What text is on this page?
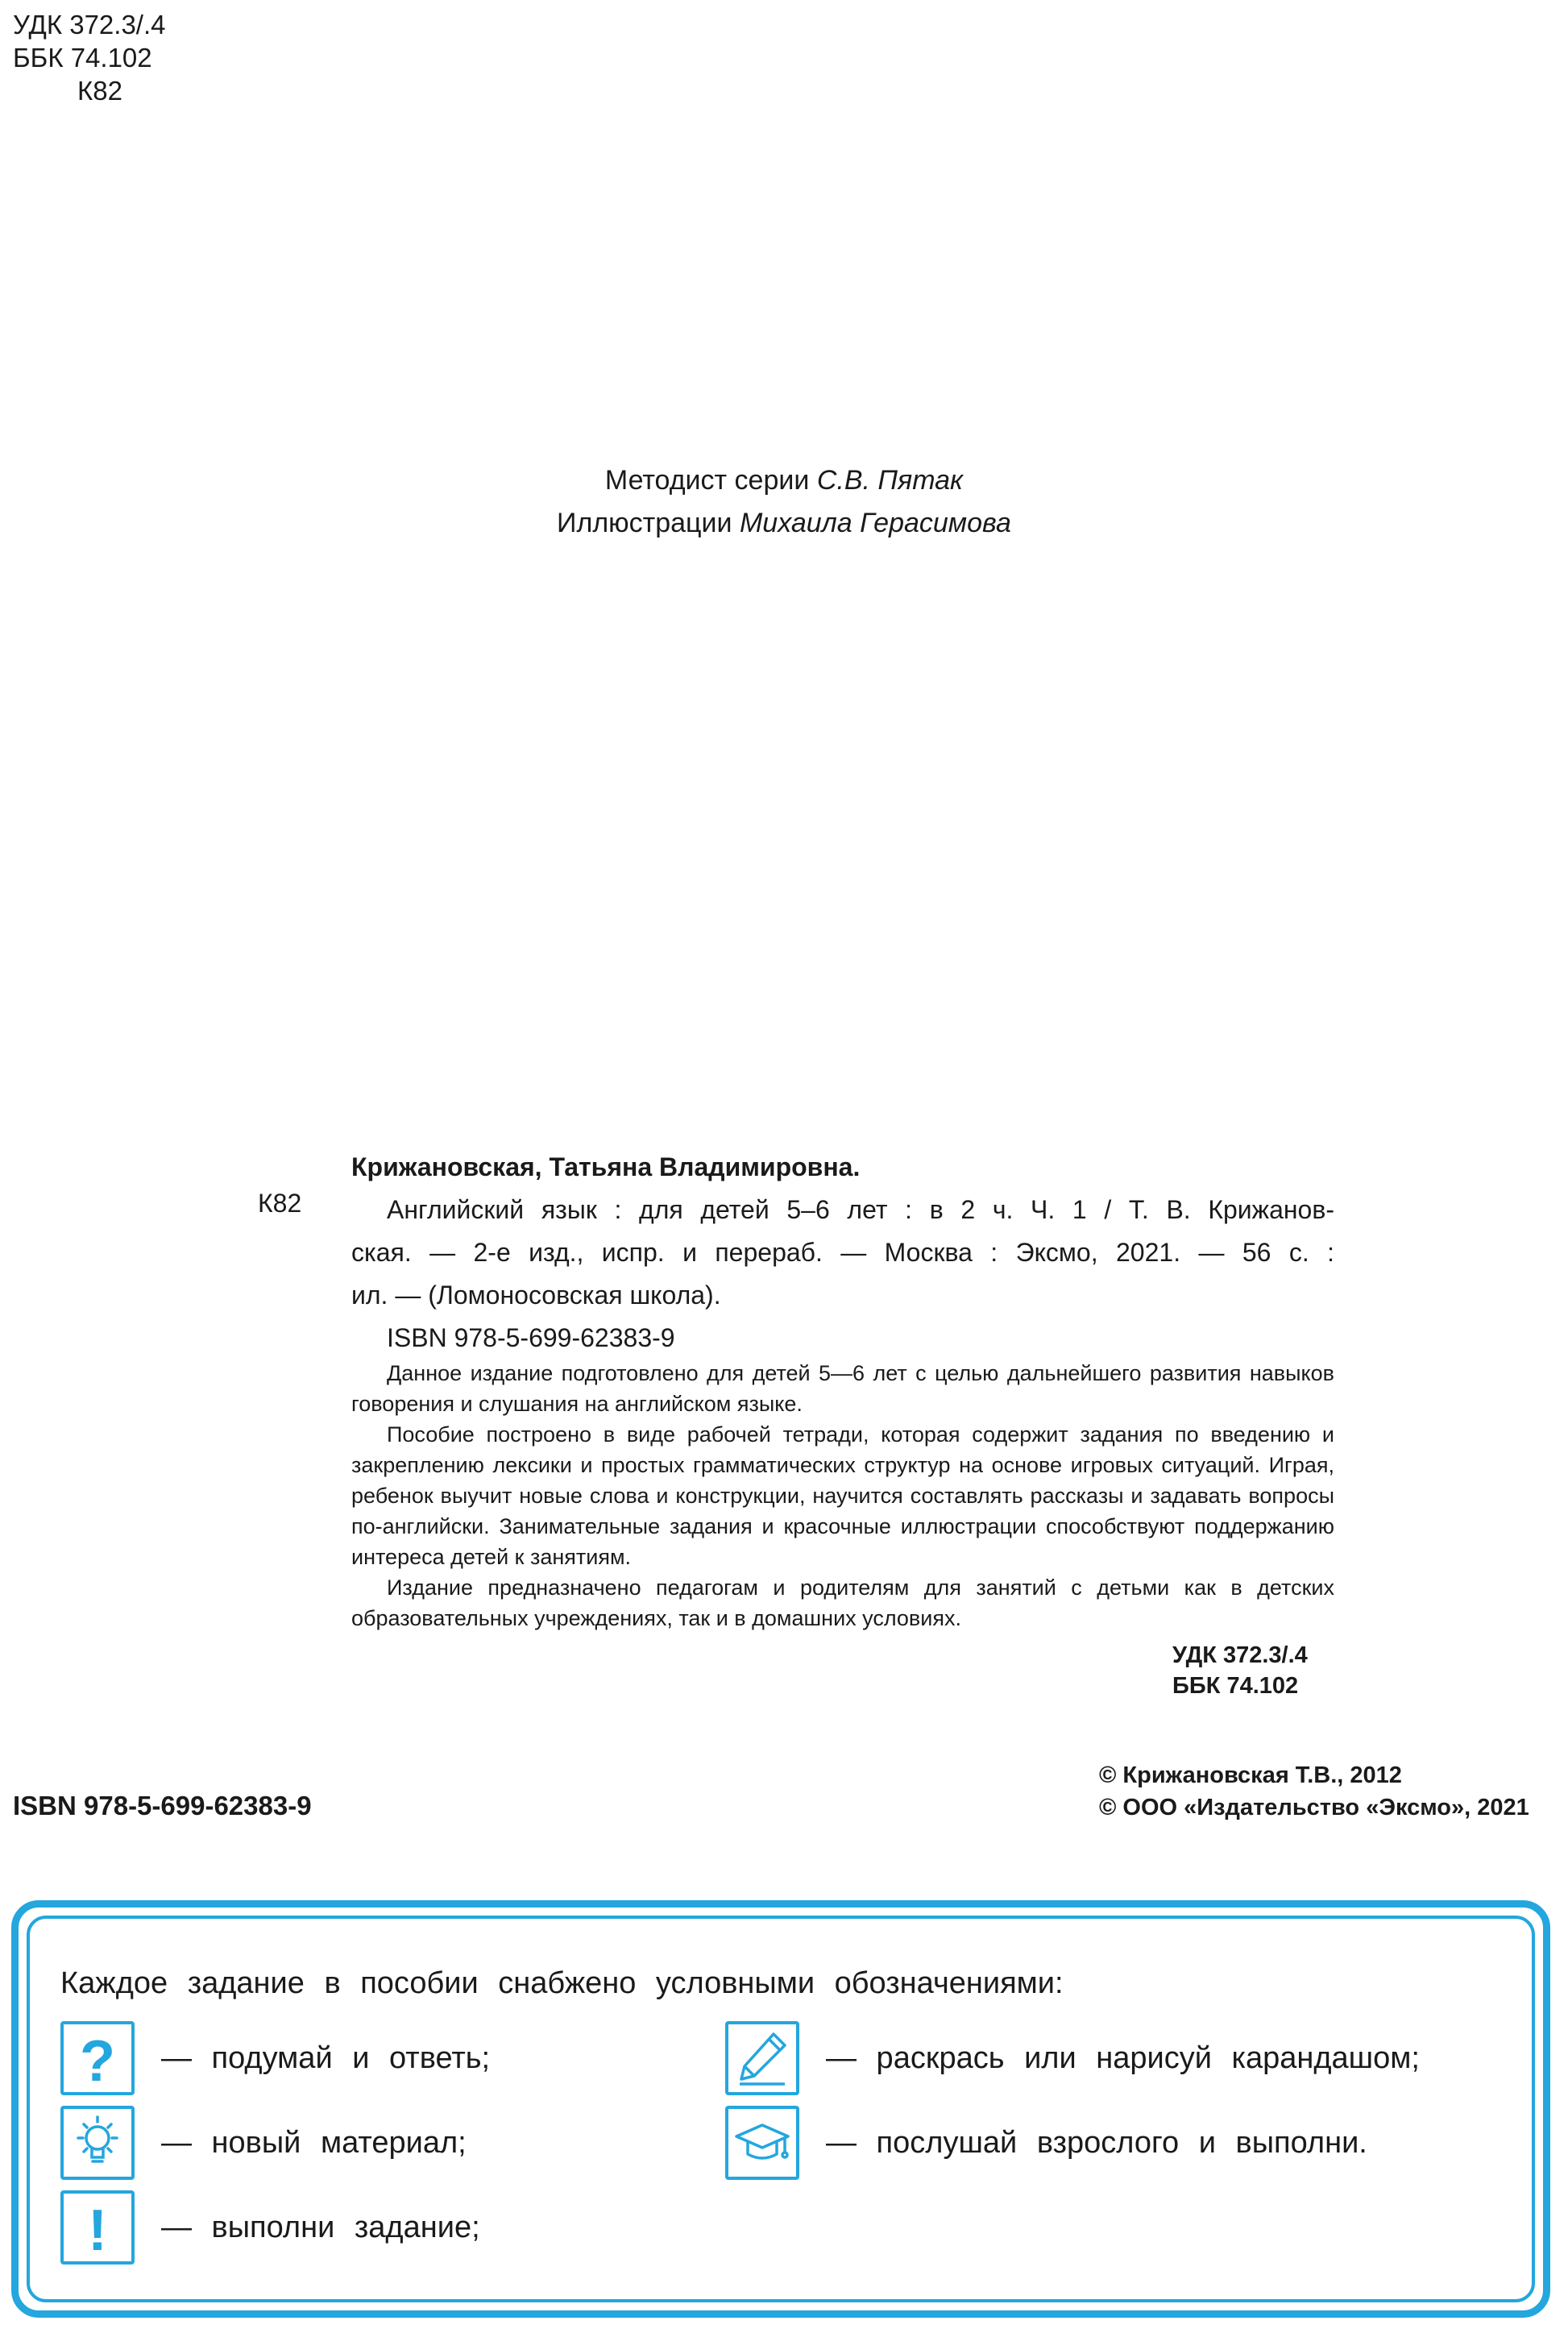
УДК 372.3/.4
ББК 74.102
К82
Методист серии С.В. Пятак
Иллюстрации Михаила Герасимова
К82
Крижановская, Татьяна Владимировна.
Английский язык : для детей 5–6 лет : в 2 ч. Ч. 1 / Т. В. Крижанов-
ская. — 2-е изд., испр. и перераб. — Москва : Эксмо, 2021. — 56 с. :
ил. — (Ломоносовская школа).
ISBN 978-5-699-62383-9

Данное издание подготовлено для детей 5—6 лет с целью дальнейшего развития навыков говорения и слушания на английском языке.

Пособие построено в виде рабочей тетради, которая содержит задания по введению и закреплению лексики и простых грамматических структур на основе игровых ситуаций. Играя, ребенок выучит новые слова и конструкции, научится составлять рассказы и задавать вопросы по-английски. Занимательные задания и красочные иллюстрации способствуют поддержанию интереса детей к занятиям.

Издание предназначено педагогам и родителям для занятий с детьми как в детских образовательных учреждениях, так и в домашних условиях.

УДК 372.3/.4
ББК 74.102
ISBN 978-5-699-62383-9
© Крижановская Т.В., 2012
© ООО «Издательство «Эксмо», 2021
Каждое задание в пособии снабжено условными обозначениями:
? — подумай и ответь;
— новый материал;
! — выполни задание;
— раскрась или нарисуй карандашом;
— послушай взрослого и выполни.
